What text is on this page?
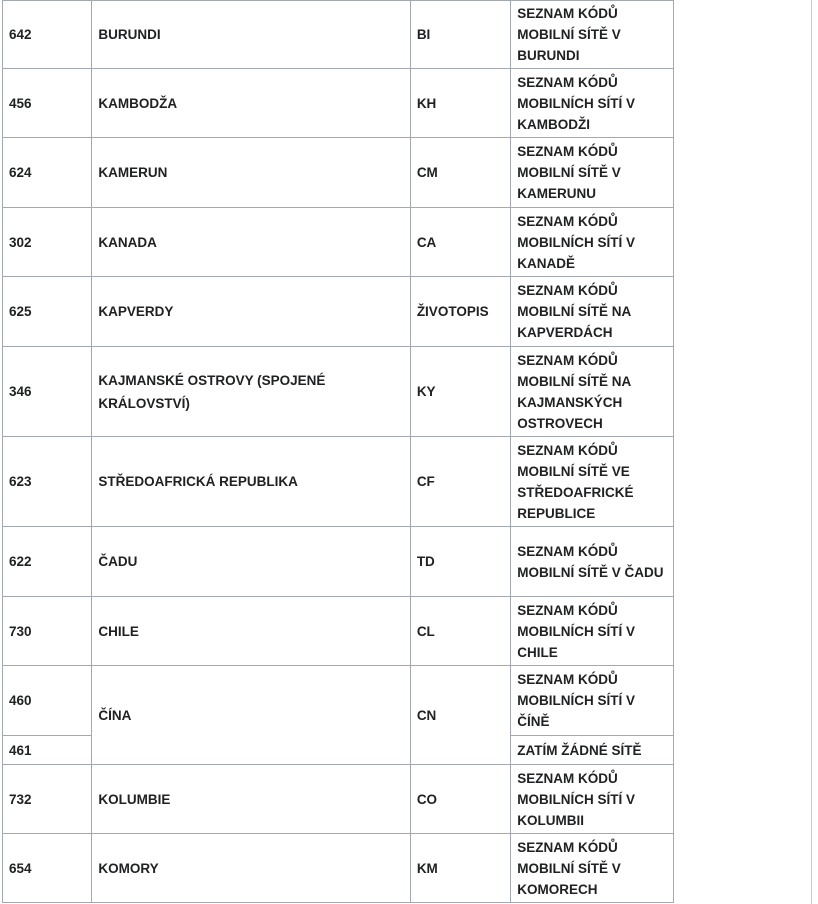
642	BURUNDI	BI	SEZNAM KÓDŮ MOBILNÍ SÍTĚ V BURUNDI
456	KAMBODŽA	KH	SEZNAM KÓDŮ MOBILNÍCH SÍTÍ V KAMBODŽI
624	KAMERUN	CM	SEZNAM KÓDŮ MOBILNÍ SÍTĚ V KAMERUNU
302	KANADA	CA	SEZNAM KÓDŮ MOBILNÍCH SÍTÍ V KANADĚ
625	KAPVERDY	ŽIVOTOPIS	SEZNAM KÓDŮ MOBILNÍ SÍTĚ NA KAPVERDÁCH
346	KAJMANSKÉ OSTROVY (SPOJENÉ KRÁLOVSTVÍ)	KY	SEZNAM KÓDŮ MOBILNÍ SÍTĚ NA KAJMANSKÝCH OSTROVECH
623	STŘEDOAFRICKÁ REPUBLIKA	CF	SEZNAM KÓDŮ MOBILNÍ SÍTĚ VE STŘEDOAFRICKÉ REPUBLICE
622	ČADU	TD	SEZNAM KÓDŮ MOBILNÍ SÍTĚ V ČADU
730	CHILE	CL	SEZNAM KÓDŮ MOBILNÍCH SÍTÍ V CHILE
460	ČÍNA	CN	SEZNAM KÓDŮ MOBILNÍCH SÍTÍ V ČÍNĚ
461			ZATÍM ŽÁDNÉ SÍTĚ
732	KOLUMBIE	CO	SEZNAM KÓDŮ MOBILNÍCH SÍTÍ V KOLUMBII
654	KOMORY	KM	SEZNAM KÓDŮ MOBILNÍ SÍTĚ V KOMORECH
